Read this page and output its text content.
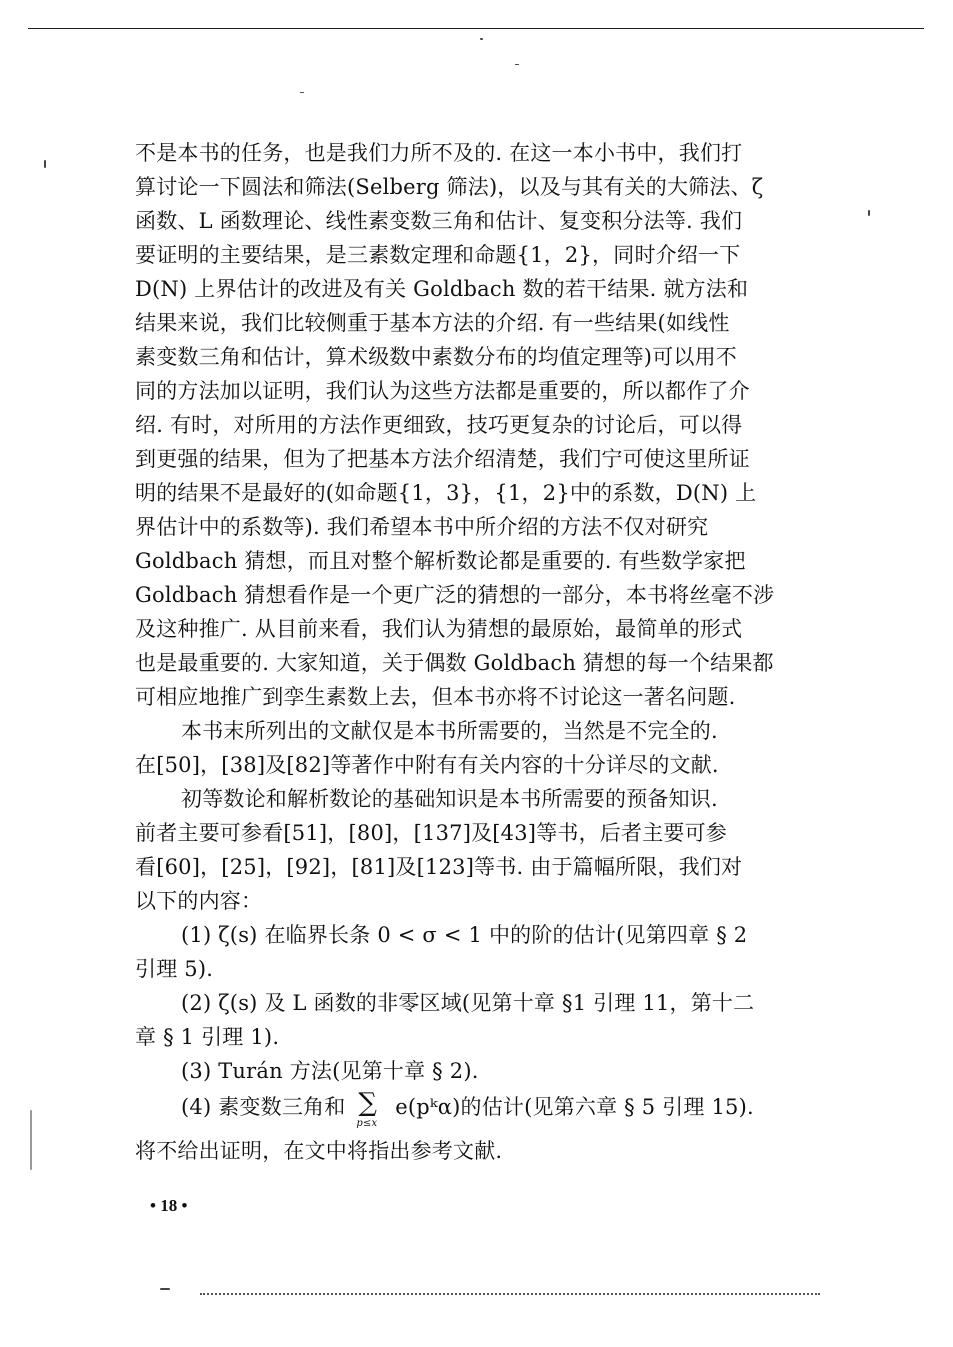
不是本书的任务，也是我们力所不及的. 在这一本小书中，我们打
算讨论一下圆法和筛法(Selberg 筛法)，以及与其有关的大筛法、ζ
函数、L 函数理论、线性素变数三角和估计、复变积分法等. 我们
要证明的主要结果，是三素数定理和命题{1，2}，同时介绍一下
D(N) 上界估计的改进及有关 Goldbach 数的若干结果. 就方法和
结果来说，我们比较侧重于基本方法的介绍. 有一些结果(如线性
素变数三角和估计，算术级数中素数分布的均值定理等)可以用不
同的方法加以证明，我们认为这些方法都是重要的，所以都作了介
绍. 有时，对所用的方法作更细致，技巧更复杂的讨论后，可以得
到更强的结果，但为了把基本方法介绍清楚，我们宁可使这里所证
明的结果不是最好的(如命题{1，3}，{1，2}中的系数，D(N) 上
界估计中的系数等). 我们希望本书中所介绍的方法不仅对研究
Goldbach 猜想，而且对整个解析数论都是重要的. 有些数学家把
Goldbach 猜想看作是一个更广泛的猜想的一部分，本书将丝毫不涉
及这种推广. 从目前来看，我们认为猜想的最原始，最简单的形式
也是最重要的. 大家知道，关于偶数 Goldbach 猜想的每一个结果都
可相应地推广到孪生素数上去，但本书亦将不讨论这一著名问题.
本书末所列出的文献仅是本书所需要的，当然是不完全的.
在[50]，[38]及[82]等著作中附有有关内容的十分详尽的文献.
初等数论和解析数论的基础知识是本书所需要的预备知识.
前者主要可参看[51]，[80]，[137]及[43]等书，后者主要可参
看[60]，[25]，[92]，[81]及[123]等书. 由于篇幅所限，我们对
以下的内容：
(1) ζ(s) 在临界长条 0 < σ < 1 中的阶的估计(见第四章 § 2
引理 5).
(2) ζ(s) 及 L 函数的非零区域(见第十章 §1 引理 11，第十二
章 § 1 引理 1).
(3) Turán 方法(见第十章 § 2).
(4) 素变数三角和 ∑
p≤x
e(pᵏα)的估计(见第六章 § 5 引理 15).
将不给出证明，在文中将指出参考文献.
• 18 •
